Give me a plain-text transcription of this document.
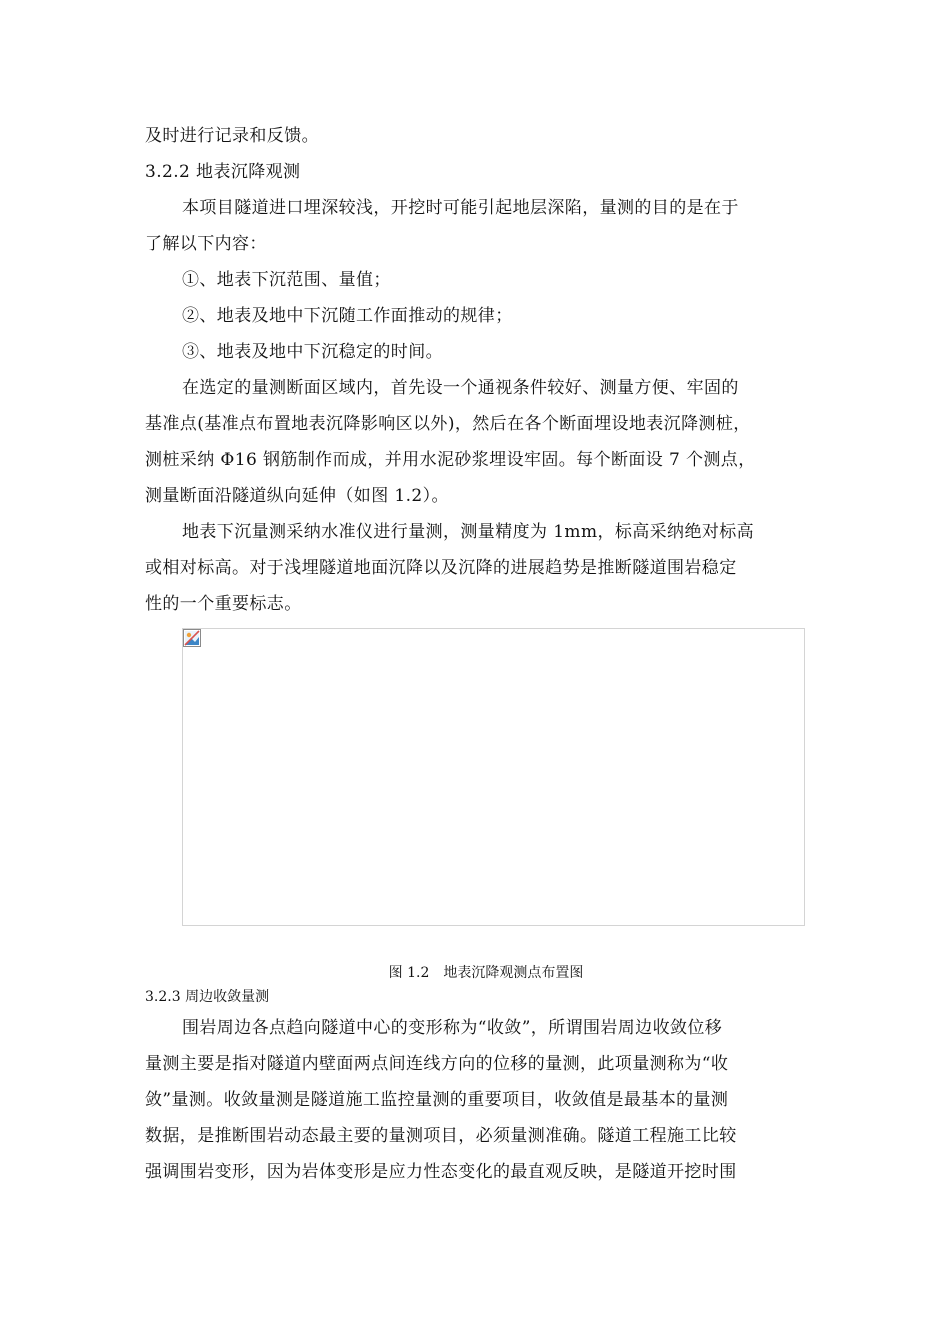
及时进行记录和反馈。
3.2.2 地表沉降观测
本项目隧道进口埋深较浅，开挖时可能引起地层深陷，量测的目的是在于
了解以下内容：
①、地表下沉范围、量值；
②、地表及地中下沉随工作面推动的规律；
③、地表及地中下沉稳定的时间。
在选定的量测断面区域内，首先设一个通视条件较好、测量方便、牢固的
基准点(基准点布置地表沉降影响区以外)，然后在各个断面埋设地表沉降测桩，
测桩采纳 Φ16 钢筋制作而成，并用水泥砂浆埋设牢固。每个断面设 7 个测点，
测量断面沿隧道纵向延伸（如图 1.2）。
地表下沉量测采纳水准仪进行量测，测量精度为 1mm，标高采纳绝对标高
或相对标高。对于浅埋隧道地面沉降以及沉降的进展趋势是推断隧道围岩稳定
性的一个重要标志。
图 1.2　地表沉降观测点布置图
3.2.3 周边收敛量测
围岩周边各点趋向隧道中心的变形称为“收敛”，所谓围岩周边收敛位移
量测主要是指对隧道内壁面两点间连线方向的位移的量测，此项量测称为“收
敛”量测。收敛量测是隧道施工监控量测的重要项目，收敛值是最基本的量测
数据，是推断围岩动态最主要的量测项目，必须量测准确。隧道工程施工比较
强调围岩变形，因为岩体变形是应力性态变化的最直观反映，是隧道开挖时围
